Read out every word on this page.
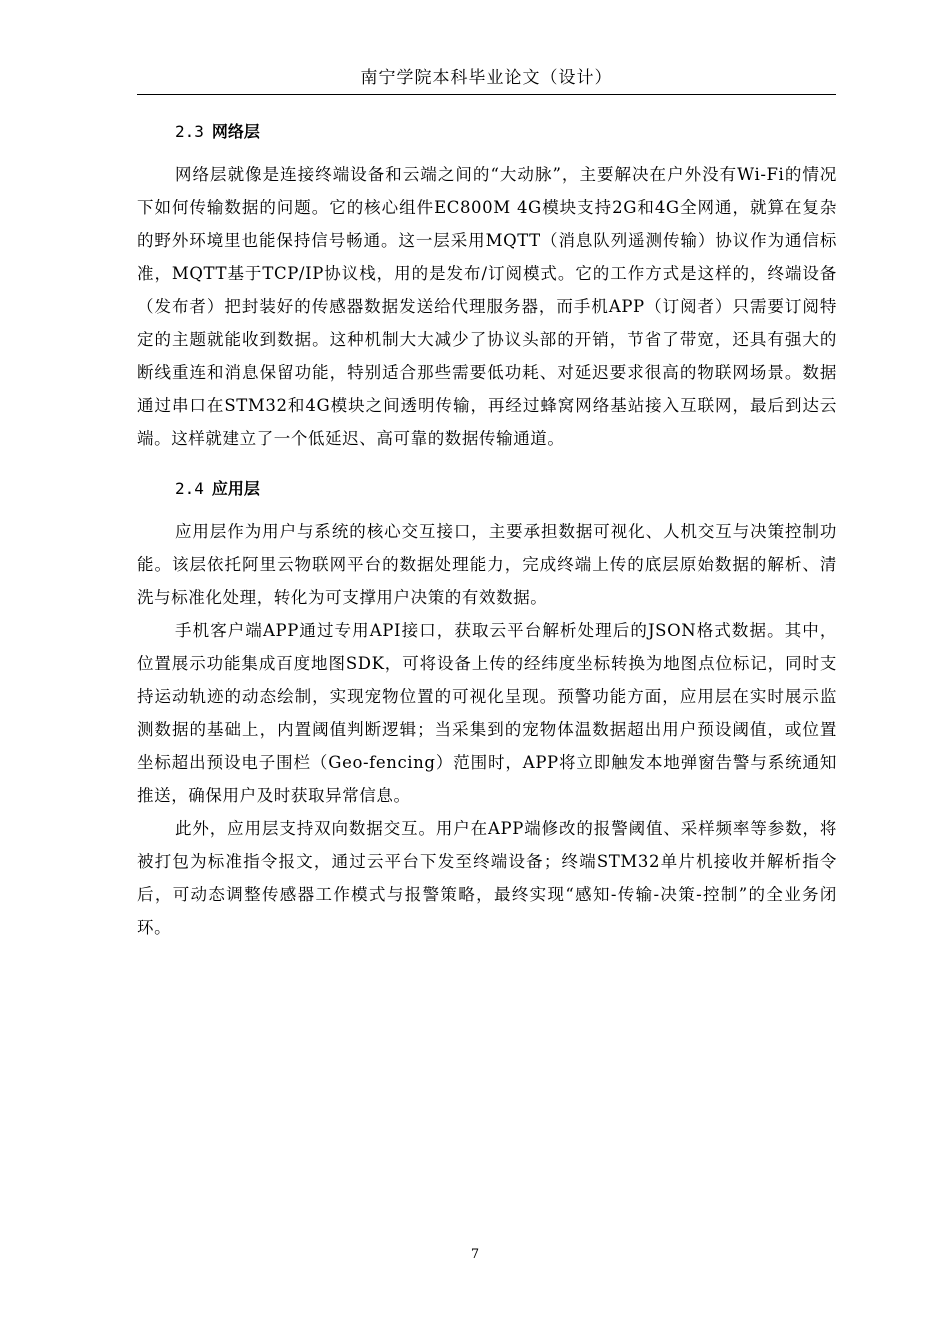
南宁学院本科毕业论文（设计）
2.3 网络层

网络层就像是连接终端设备和云端之间的“大动脉”，主要解决在户外没有Wi-Fi的情况下如何传输数据的问题。它的核心组件EC800M 4G模块支持2G和4G全网通，就算在复杂的野外环境里也能保持信号畅通。这一层采用MQTT（消息队列遥测传输）协议作为通信标准，MQTT基于TCP/IP协议栈，用的是发布/订阅模式。它的工作方式是这样的，终端设备（发布者）把封装好的传感器数据发送给代理服务器，而手机APP（订阅者）只需要订阅特定的主题就能收到数据。这种机制大大减少了协议头部的开销，节省了带宽，还具有强大的断线重连和消息保留功能，特别适合那些需要低功耗、对延迟要求很高的物联网场景。数据通过串口在STM32和4G模块之间透明传输，再经过蜂窝网络基站接入互联网，最后到达云端。这样就建立了一个低延迟、高可靠的数据传输通道。

2.4 应用层

应用层作为用户与系统的核心交互接口，主要承担数据可视化、人机交互与决策控制功能。该层依托阿里云物联网平台的数据处理能力，完成终端上传的底层原始数据的解析、清洗与标准化处理，转化为可支撑用户决策的有效数据。

手机客户端APP通过专用API接口，获取云平台解析处理后的JSON格式数据。其中，位置展示功能集成百度地图SDK，可将设备上传的经纬度坐标转换为地图点位标记，同时支持运动轨迹的动态绘制，实现宠物位置的可视化呈现。预警功能方面，应用层在实时展示监测数据的基础上，内置阈值判断逻辑；当采集到的宠物体温数据超出用户预设阈值，或位置坐标超出预设电子围栏（Geo-fencing）范围时，APP将立即触发本地弹窗告警与系统通知推送，确保用户及时获取异常信息。

此外，应用层支持双向数据交互。用户在APP端修改的报警阈值、采样频率等参数，将被打包为标准指令报文，通过云平台下发至终端设备；终端STM32单片机接收并解析指令后，可动态调整传感器工作模式与报警策略，最终实现“感知-传输-决策-控制”的全业务闭环。

7
